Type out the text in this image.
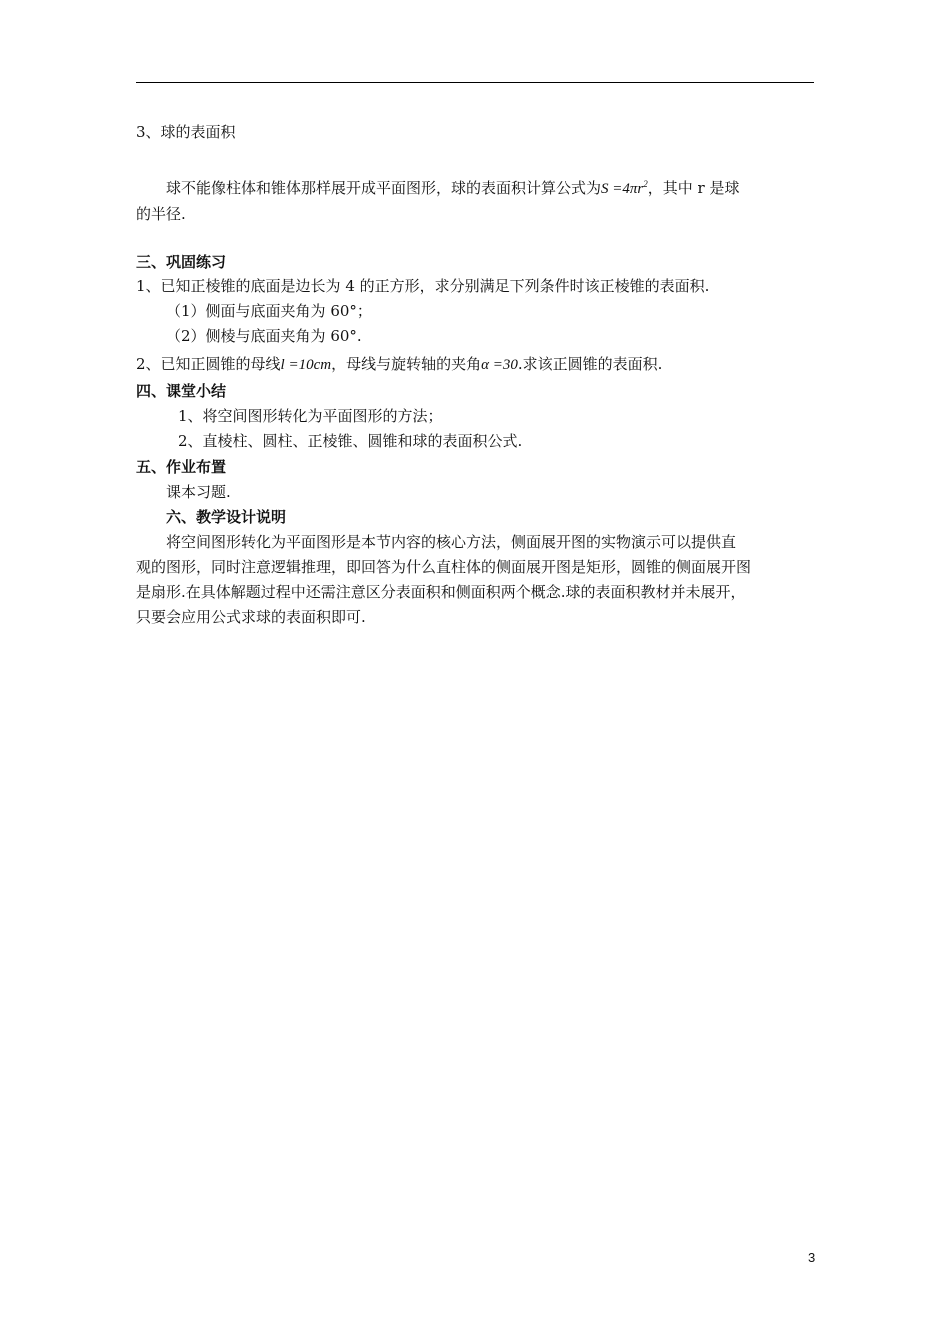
3、球的表面积
球不能像柱体和锥体那样展开成平面图形，球的表面积计算公式为$S =4\pi r^2$，其中 r 是球
的半径.
三、巩固练习
1、已知正棱锥的底面是边长为 4 的正方形，求分别满足下列条件时该正棱锥的表面积.
（1）侧面与底面夹角为 60°；
（2）侧棱与底面夹角为 60°.
2、已知正圆锥的母线l =10cm，母线与旋转轴的夹角α =30.求该正圆锥的表面积.
四、课堂小结
1、将空间图形转化为平面图形的方法；
2、直棱柱、圆柱、正棱锥、圆锥和球的表面积公式.
五、作业布置
课本习题.
六、教学设计说明
将空间图形转化为平面图形是本节内容的核心方法，侧面展开图的实物演示可以提供直
观的图形，同时注意逻辑推理，即回答为什么直柱体的侧面展开图是矩形，圆锥的侧面展开图
是扇形.在具体解题过程中还需注意区分表面积和侧面积两个概念.球的表面积教材并未展开，
只要会应用公式求球的表面积即可.
3
